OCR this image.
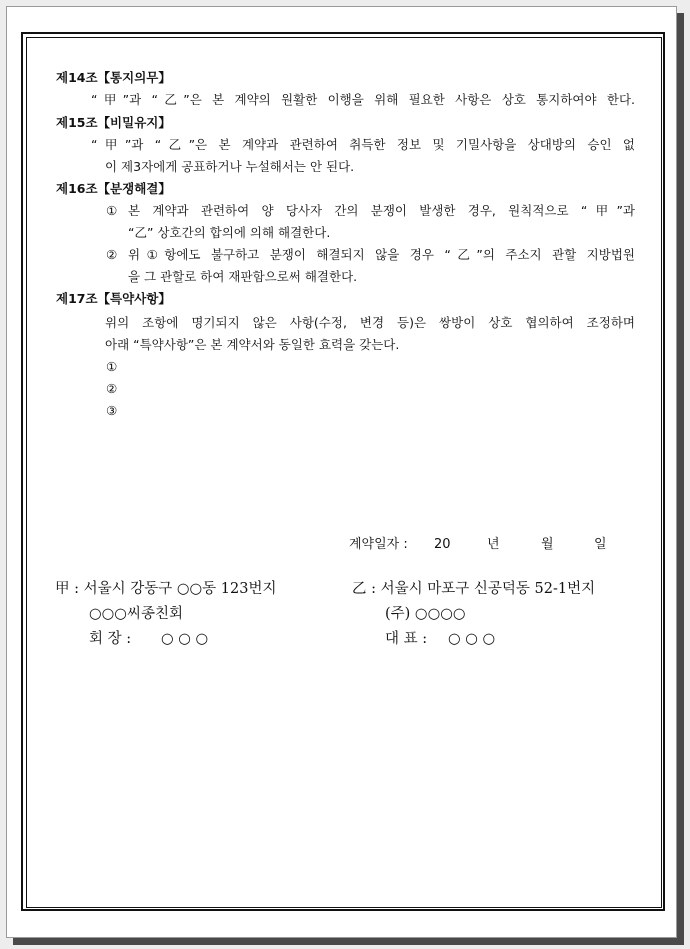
제14조【통지의무】
“甲”과 “乙”은 본 계약의 원활한 이행을 위해 필요한 사항은 상호 통지하여야 한다.
제15조【비밀유지】
“甲”과 “乙”은 본 계약과 관련하여 취득한 정보 및 기밀사항을 상대방의 승인 없
이 제3자에게 공표하거나 누설해서는 안 된다.
제16조【분쟁해결】
① 본 계약과 관련하여 양 당사자 간의 분쟁이 발생한 경우, 원칙적으로 “甲”과
“乙” 상호간의 합의에 의해 해결한다.
② 위①항에도 불구하고 분쟁이 해결되지 않을 경우 “乙”의 주소지 관할 지방법원
을 그 관할로 하여 재판함으로써 해결한다.
제17조【특약사항】
위의 조항에 명기되지 않은 사항(수정, 변경 등)은 쌍방이 상호 협의하여 조정하며
아래 “특약사항”은 본 계약서와 동일한 효력을 갖는다.
①
②
③
계약일자 : 20	년	월	일
甲 : 서울시 강동구 ○○동 123번지
○○○씨종친회
회 장 : ○ ○ ○
乙 : 서울시 마포구 신공덕동 52-1번지
(주) ○○○○
대 표 : ○ ○ ○
